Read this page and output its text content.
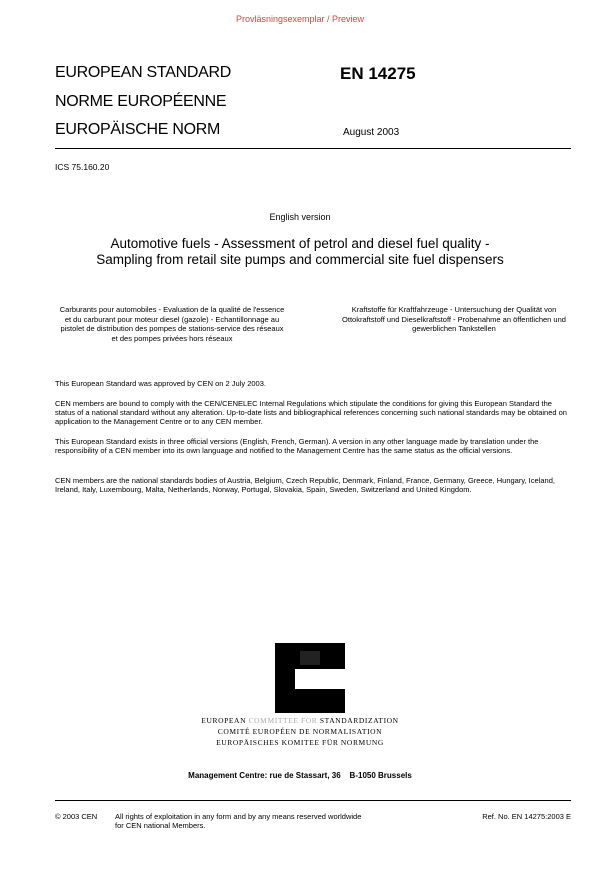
Provläsningsexemplar / Preview
EUROPEAN STANDARD
NORME EUROPÉENNE
EUROPÄISCHE NORM
EN 14275
August 2003
ICS 75.160.20
English version
Automotive fuels - Assessment of petrol and diesel fuel quality - Sampling from retail site pumps and commercial site fuel dispensers
Carburants pour automobiles - Evaluation de la qualité de l'essence et du carburant pour moteur diesel (gazole) - Echantillonnage au pistolet de distribution des pompes de stations-service des réseaux et des pompes privées hors réseaux
Kraftstoffe für Kraftfahrzeuge - Untersuchung der Qualität von Ottokraftstoff und Dieselkraftstoff - Probenahme an öffentlichen und gewerblichen Tankstellen
This European Standard was approved by CEN on 2 July 2003.
CEN members are bound to comply with the CEN/CENELEC Internal Regulations which stipulate the conditions for giving this European Standard the status of a national standard without any alteration. Up-to-date lists and bibliographical references concerning such national standards may be obtained on application to the Management Centre or to any CEN member.
This European Standard exists in three official versions (English, French, German). A version in any other language made by translation under the responsibility of a CEN member into its own language and notified to the Management Centre has the same status as the official versions.
CEN members are the national standards bodies of Austria, Belgium, Czech Republic, Denmark, Finland, France, Germany, Greece, Hungary, Iceland, Ireland, Italy, Luxembourg, Malta, Netherlands, Norway, Portugal, Slovakia, Spain, Sweden, Switzerland and United Kingdom.
EUROPEAN COMMITTEE FOR STANDARDIZATION
COMITÉ EUROPÉEN DE NORMALISATION
EUROPÄISCHES KOMITEE FÜR NORMUNG
Management Centre: rue de Stassart, 36    B-1050 Brussels
© 2003 CEN	All rights of exploitation in any form and by any means reserved worldwide for CEN national Members.
Ref. No. EN 14275:2003 E
